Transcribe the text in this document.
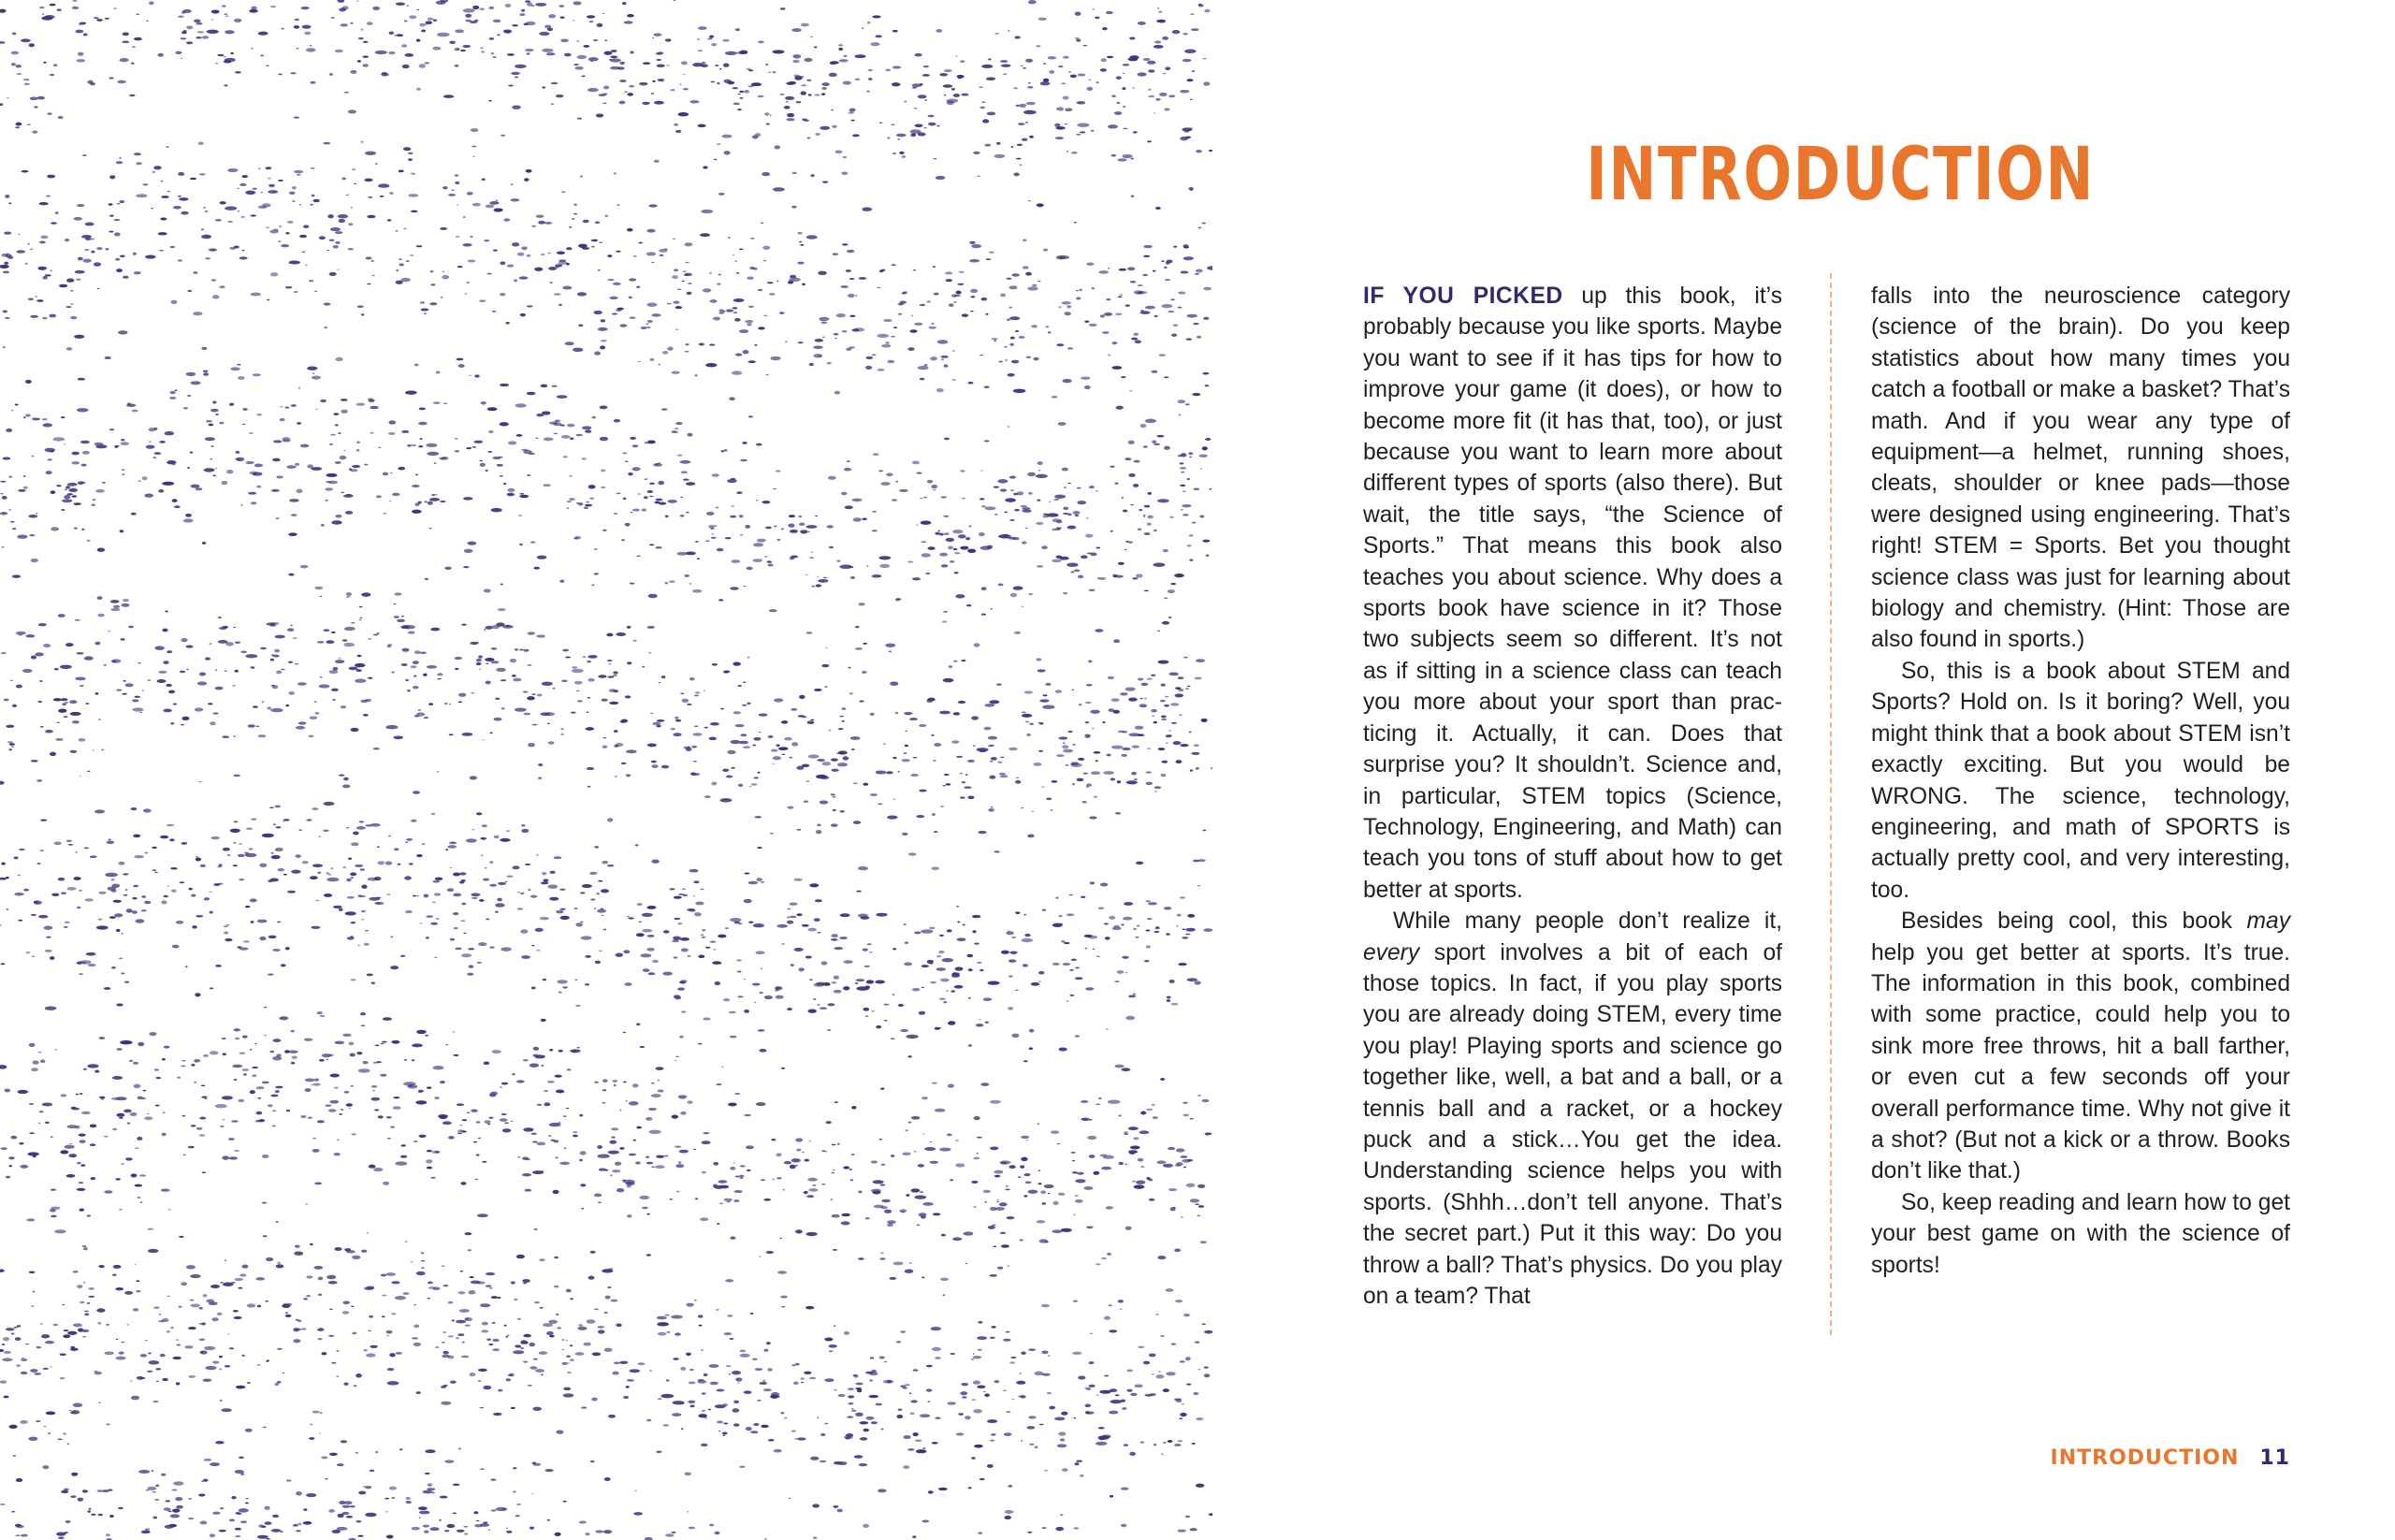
INTRODUCTION

IF YOU PICKED up this book, it’s probably because you like sports. Maybe you want to see if it has tips for how to improve your game (it does), or how to become more fit (it has that, too), or just because you want to learn more about different types of sports (also there). But wait, the title says, “the Science of Sports.” That means this book also teaches you about science. Why does a sports book have science in it? Those two subjects seem so different. It’s not as if sitting in a science class can teach you more about your sport than practicing it. Actually, it can. Does that surprise you? It shouldn’t. Science and, in particular, STEM topics (Science, Technology, Engineering, and Math) can teach you tons of stuff about how to get better at sports.

While many people don’t realize it, every sport involves a bit of each of those topics. In fact, if you play sports you are already doing STEM, every time you play! Playing sports and science go together like, well, a bat and a ball, or a tennis ball and a racket, or a hockey puck and a stick…You get the idea. Understanding science helps you with sports. (Shhh…don’t tell anyone. That’s the secret part.) Put it this way: Do you throw a ball? That’s physics. Do you play on a team? That

falls into the neuroscience category (science of the brain). Do you keep statistics about how many times you catch a football or make a basket? That’s math. And if you wear any type of equipment—a helmet, running shoes, cleats, shoulder or knee pads—those were designed using engineering. That’s right! STEM = Sports. Bet you thought science class was just for learning about biology and chemistry. (Hint: Those are also found in sports.)

So, this is a book about STEM and Sports? Hold on. Is it boring? Well, you might think that a book about STEM isn’t exactly exciting. But you would be WRONG. The science, technology, engineering, and math of SPORTS is actually pretty cool, and very interesting, too.

Besides being cool, this book may help you get better at sports. It’s true. The information in this book, combined with some practice, could help you to sink more free throws, hit a ball farther, or even cut a few seconds off your overall performance time. Why not give it a shot? (But not a kick or a throw. Books don’t like that.)

So, keep reading and learn how to get your best game on with the science of sports!

INTRODUCTION 11
